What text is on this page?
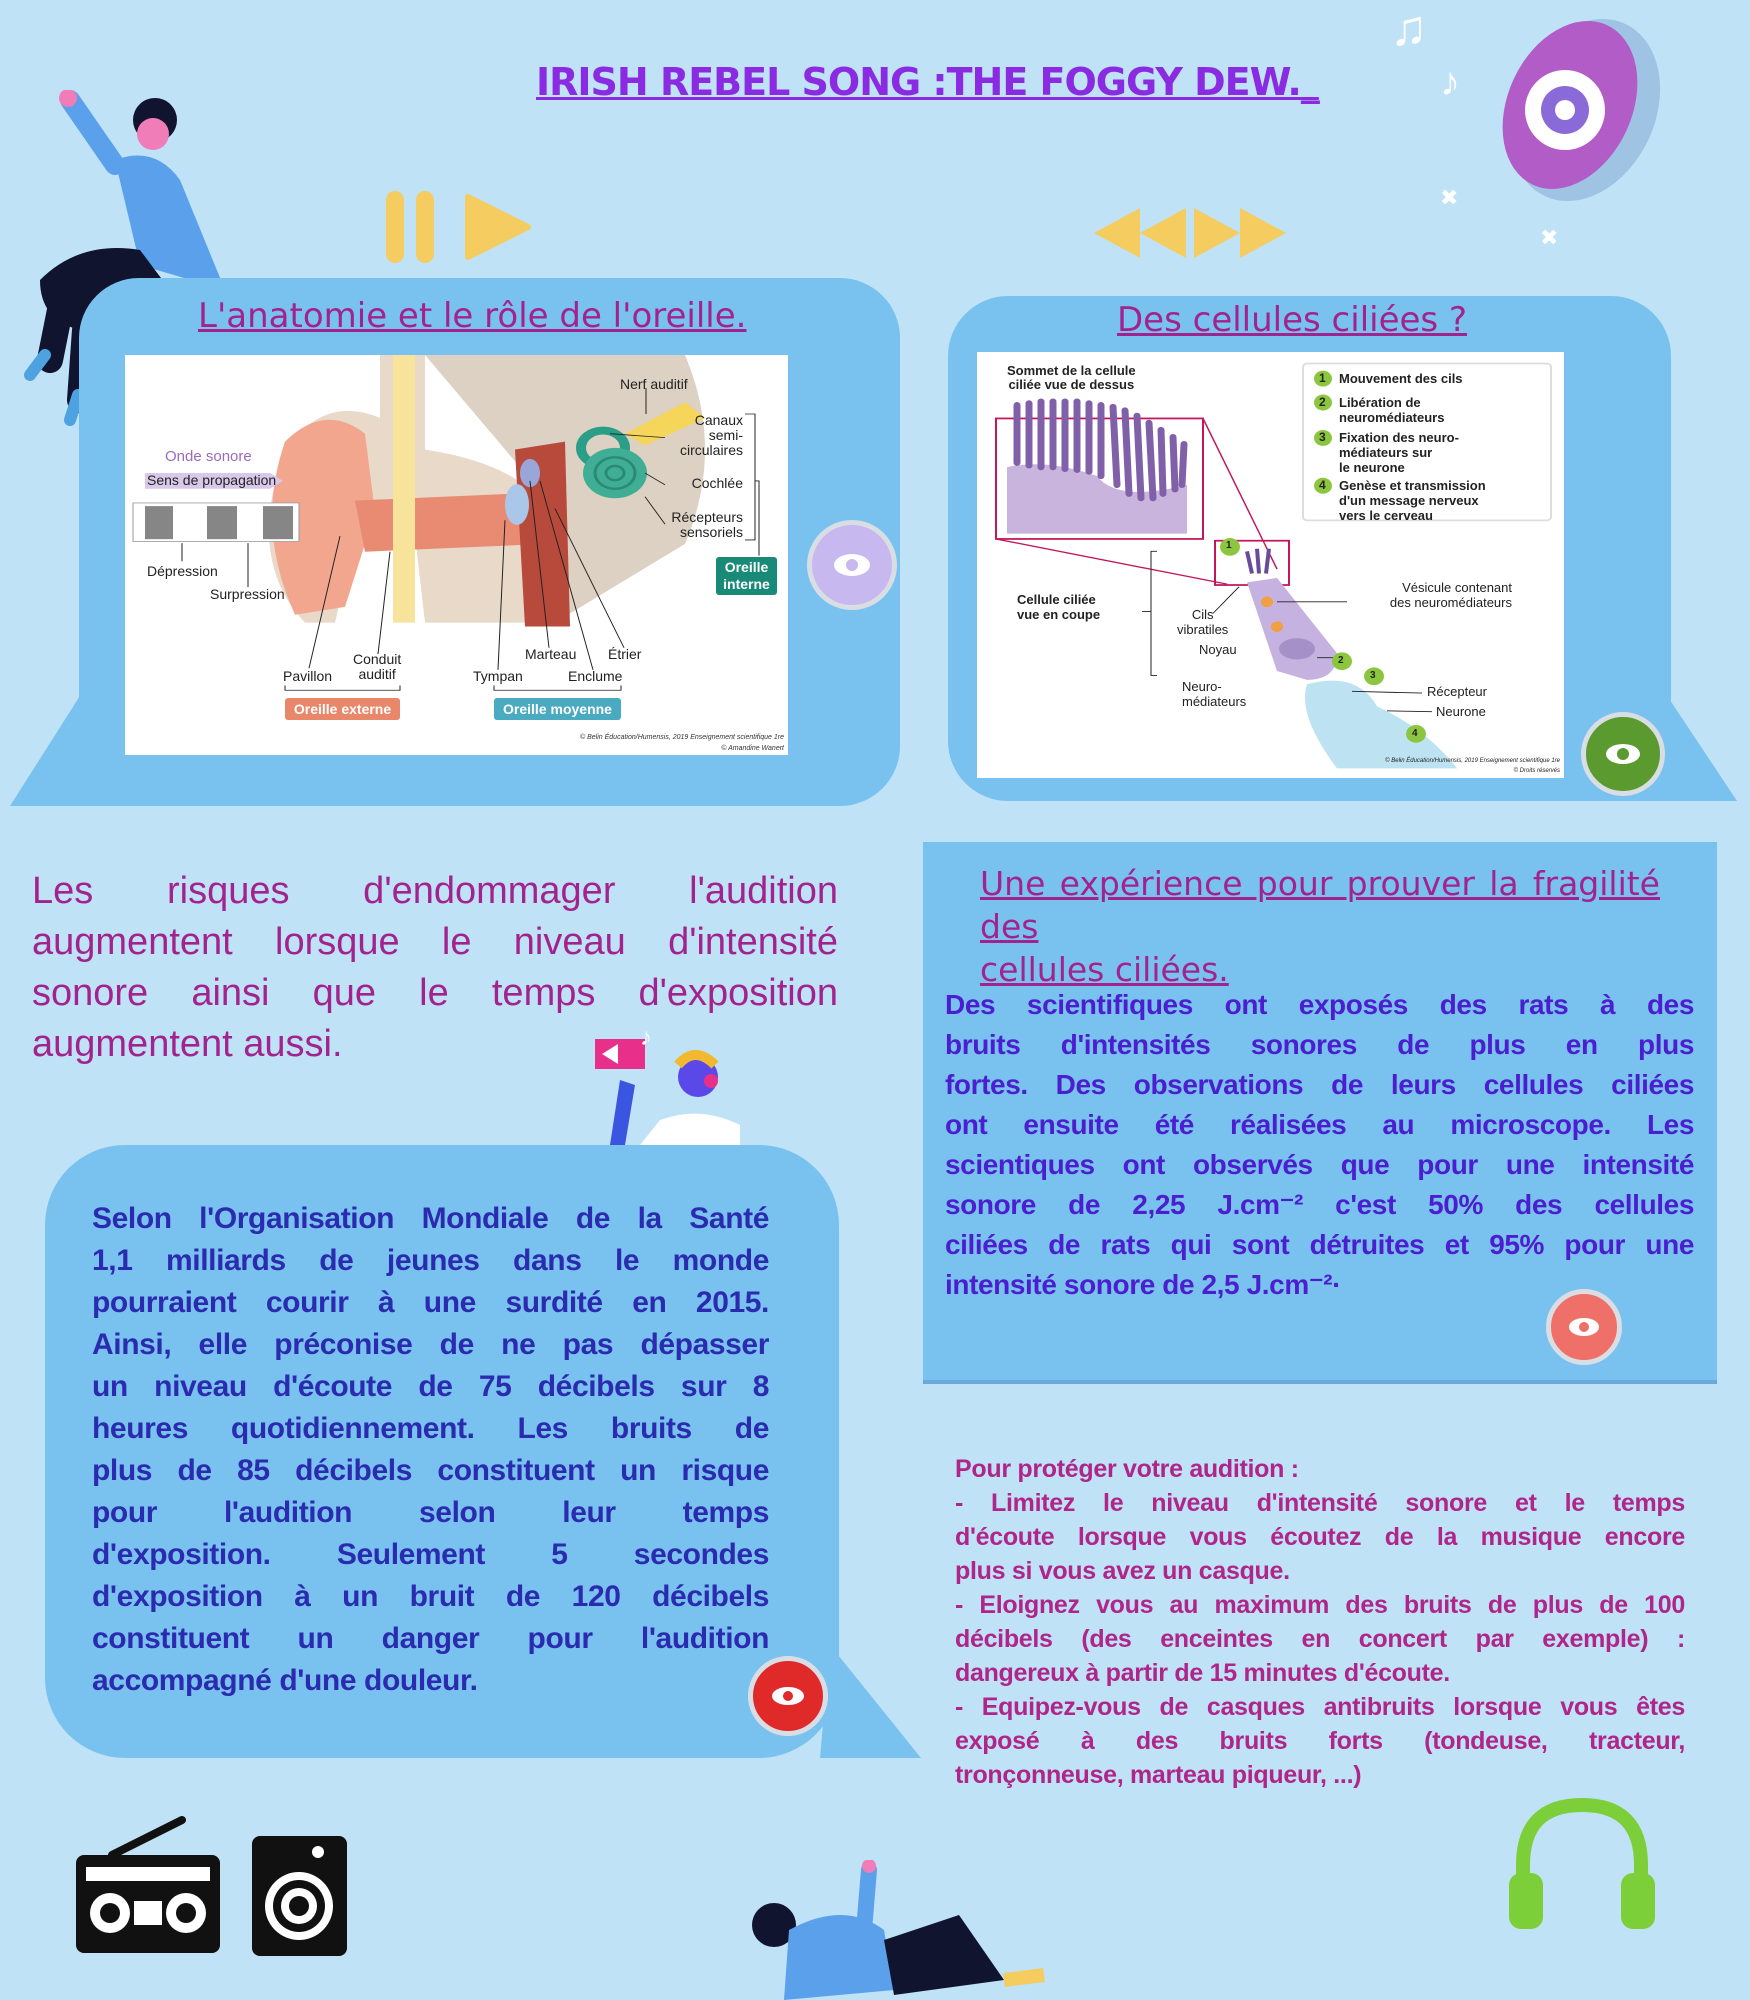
IRISH REBEL SONG :THE FOGGY DEW._
♫
♪
✖
✖
L'anatomie et le rôle de l'oreille.
Nerf auditif
Canaux
semi-
circulaires
Cochlée
Récepteurs
sensoriels
Oreille
interne
Onde sonore
Sens de propagation
Dépression
Surpression
Pavillon
Conduit
auditif
Oreille externe
Tympan
Marteau
Enclume
Étrier
Oreille moyenne
© Belin Éducation/Humensis, 2019 Enseignement scientifique 1re
© Amandine Wanert
Des cellules ciliées ?
Sommet de la cellule
ciliée vue de dessus	1
2
3
4
Mouvement des cils
Libération de
neuromédiateurs
Fixation des neuro-
médiateurs sur
le neurone
Genèse et transmission
d'un message nerveux
vers le cerveau
1
2
3
4
Cellule ciliée
vue en coupe	Cils
vibratiles
Vésicule contenant
des neuromédiateurs
Noyau
Neuro-
médiateurs
Récepteur
Neurone
© Belin Éducation/Humensis, 2019 Enseignement scientifique 1re
© Droits réservés
Les risques d'endommager l'audition
augmentent lorsque le niveau d'intensité
sonore ainsi que le temps d'exposition
augmentent aussi.	♪
Selon l'Organisation Mondiale de la Santé
1,1 milliards de jeunes dans le monde
pourraient courir à une surdité en 2015.
Ainsi, elle préconise de ne pas dépasser
un niveau d'écoute de 75 décibels sur 8
heures quotidiennement. Les bruits de
plus de 85 décibels constituent un risque
pour l'audition selon leur temps
d'exposition. Seulement 5 secondes
d'exposition à un bruit de 120 décibels
constituent un danger pour l'audition
accompagné d'une douleur.
Une expérience pour prouver la fragilité des
cellules ciliées.
Des scientifiques ont exposés des rats à des
bruits d'intensités sonores de plus en plus
fortes. Des observations de leurs cellules ciliées
ont ensuite été réalisées au microscope. Les
scientiques ont observés que pour une intensité
sonore de 2,25 J.cm⁻² c'est 50% des cellules
ciliées de rats qui sont détruites et 95% pour une
intensité sonore de 2,5 J.cm⁻²·
Pour protéger votre audition :
- Limitez le niveau d'intensité sonore et le temps
d'écoute lorsque vous écoutez de la musique encore
plus si vous avez un casque.
- Eloignez vous au maximum des bruits de plus de 100
décibels (des enceintes en concert par exemple) :
dangereux à partir de 15 minutes d'écoute.
- Equipez-vous de casques antibruits lorsque vous êtes
exposé à des bruits forts (tondeuse, tracteur,
tronçonneuse, marteau piqueur, ...)
